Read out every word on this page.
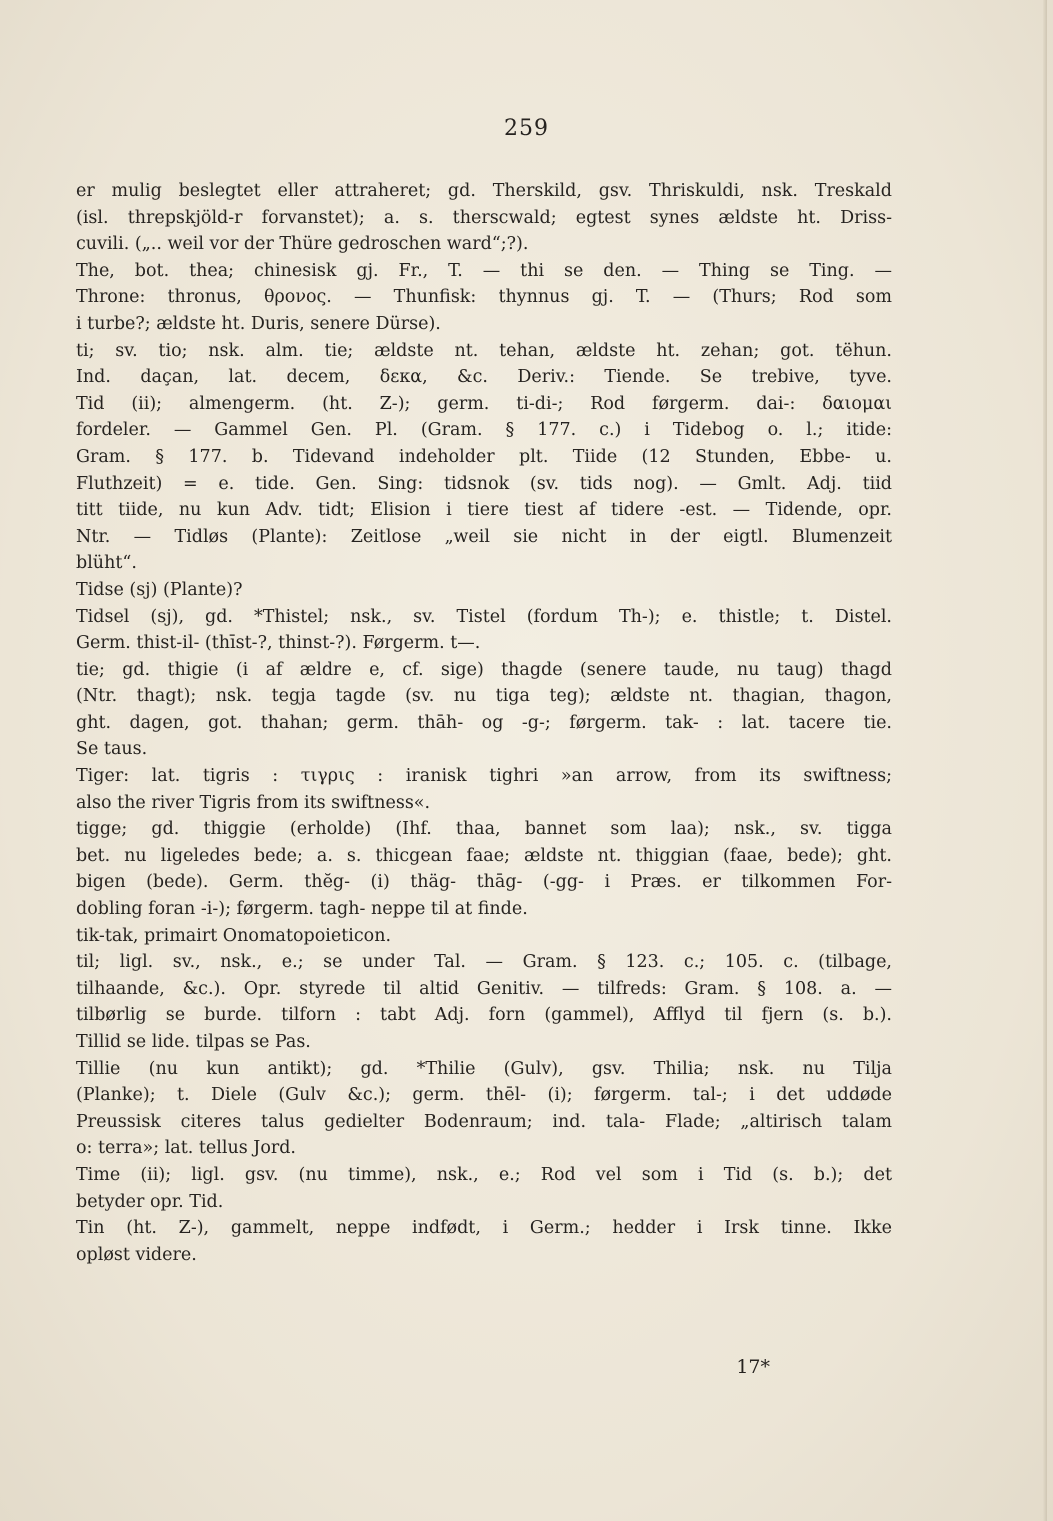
259
er mulig beslegtet eller attraheret; gd. Therskild, gsv. Thriskuldi, nsk. Treskald
(isl. threpskjöld-r forvanstet); a. s. therscwald; egtest synes ældste ht. Driss-
cuvili. („.. weil vor der Thüre gedroschen ward“;?).
The, bot. thea; chinesisk gj. Fr., T. — thi se den. — Thing se Ting. —
Throne: thronus, θρονος. — Thunfisk: thynnus gj. T. — (Thurs; Rod som
i turbe?; ældste ht. Duris, senere Dürse).
ti; sv. tio; nsk. alm. tie; ældste nt. tehan, ældste ht. zehan; got. tëhun.
Ind. daçan, lat. decem, δεκα, &c. Deriv.: Tiende. Se trebive, tyve.
Tid (ii); almengerm. (ht. Z-); germ. ti-di-; Rod førgerm. dai-: δαιομαι
fordeler. — Gammel Gen. Pl. (Gram. § 177. c.) i Tidebog o. l.; itide:
Gram. § 177. b. Tidevand indeholder plt. Tiide (12 Stunden, Ebbe- u.
Fluthzeit) = e. tide. Gen. Sing: tidsnok (sv. tids nog). — Gmlt. Adj. tiid
titt tiide, nu kun Adv. tidt; Elision i tiere tiest af tidere -est. — Tidende, opr.
Ntr. — Tidløs (Plante): Zeitlose „weil sie nicht in der eigtl. Blumenzeit
blüht“.
Tidse (sj) (Plante)?
Tidsel (sj), gd. *Thistel; nsk., sv. Tistel (fordum Th-); e. thistle; t. Distel.
Germ. thist-il- (thīst-?, thinst-?). Førgerm. t—.
tie; gd. thigie (i af ældre e, cf. sige) thagde (senere taude, nu taug) thagd
(Ntr. thagt); nsk. tegja tagde (sv. nu tiga teg); ældste nt. thagian, thagon,
ght. dagen, got. thahan; germ. thāh- og -g-; førgerm. tak- : lat. tacere tie.
Se taus.
Tiger: lat. tigris : τιγρις : iranisk tighri »an arrow, from its swiftness;
also the river Tigris from its swiftness«.
tigge; gd. thiggie (erholde) (Ihf. thaa, bannet som laa); nsk., sv. tigga
bet. nu ligeledes bede; a. s. thicgean faae; ældste nt. thiggian (faae, bede); ght.
bigen (bede). Germ. thĕg- (i) thäg- thāg- (-gg- i Præs. er tilkommen For-
dobling foran -i-); førgerm. tagh- neppe til at finde.
tik-tak, primairt Onomatopoieticon.
til; ligl. sv., nsk., e.; se under Tal. — Gram. § 123. c.; 105. c. (tilbage,
tilhaande, &c.). Opr. styrede til altid Genitiv. — tilfreds: Gram. § 108. a. —
tilbørlig se burde. tilforn : tabt Adj. forn (gammel), Afflyd til fjern (s. b.).
Tillid se lide. tilpas se Pas.
Tillie (nu kun antikt); gd. *Thilie (Gulv), gsv. Thilia; nsk. nu Tilja
(Planke); t. Diele (Gulv &c.); germ. thēl- (i); førgerm. tal-; i det uddøde
Preussisk citeres talus gedielter Bodenraum; ind. tala- Flade; „altirisch talam
o: terra»; lat. tellus Jord.
Time (ii); ligl. gsv. (nu timme), nsk., e.; Rod vel som i Tid (s. b.); det
betyder opr. Tid.
Tin (ht. Z-), gammelt, neppe indfødt, i Germ.; hedder i Irsk tinne. Ikke
opløst videre.
17*
